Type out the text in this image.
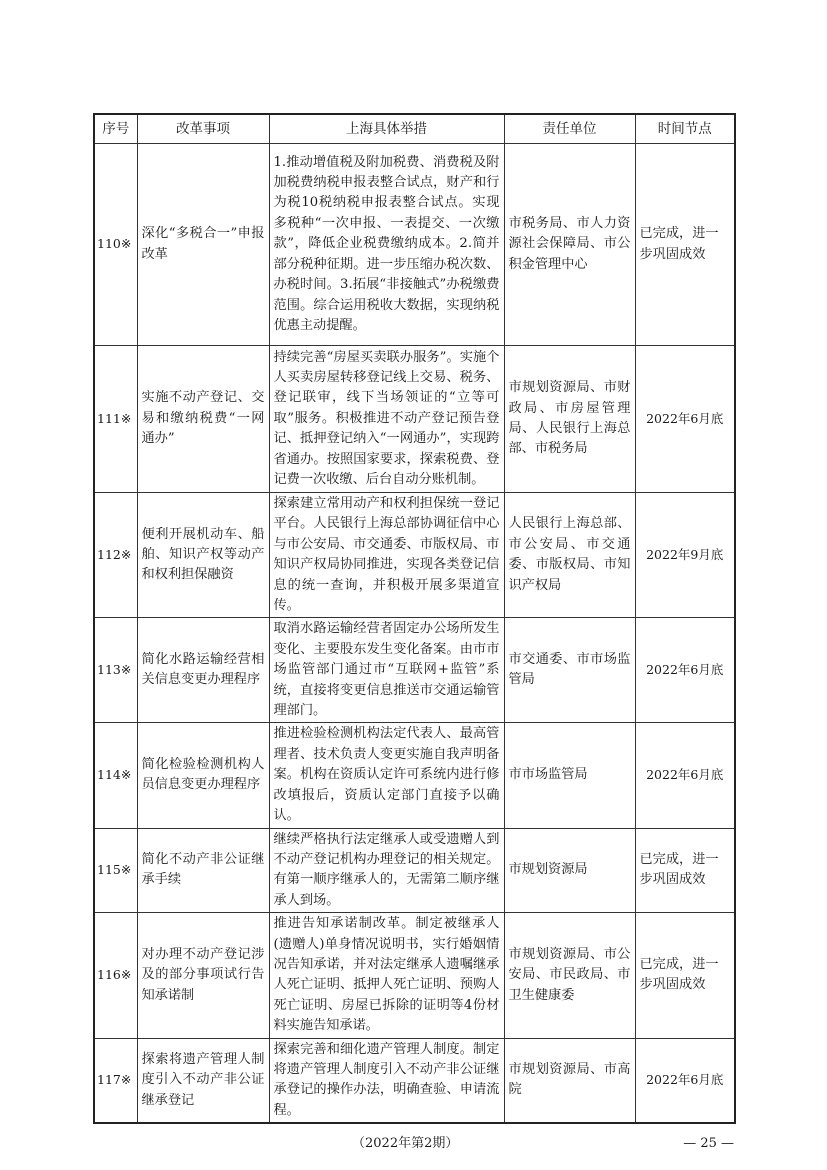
序号	改革事项	上海具体举措	责任单位	时间节点
110※	深化“多税合一”申报改革	1.推动增值税及附加税费、消费税及附加税费纳税申报表整合试点，财产和行为税10税纳税申报表整合试点。实现多税种“一次申报、一表提交、一次缴款”，降低企业税费缴纳成本。2.简并部分税种征期。进一步压缩办税次数、办税时间。3.拓展“非接触式”办税缴费范围。综合运用税收大数据，实现纳税优惠主动提醒。	市税务局、市人力资源社会保障局、市公积金管理中心	已完成，进一步巩固成效
111※	实施不动产登记、交易和缴纳税费“一网通办”	持续完善“房屋买卖联办服务”。实施个人买卖房屋转移登记线上交易、税务、登记联审，线下当场领证的“立等可取”服务。积极推进不动产登记预告登记、抵押登记纳入“一网通办”，实现跨省通办。按照国家要求，探索税费、登记费一次收缴、后台自动分账机制。	市规划资源局、市财政局、市房屋管理局、人民银行上海总部、市税务局	2022年6月底
112※	便利开展机动车、船舶、知识产权等动产和权利担保融资	探索建立常用动产和权利担保统一登记平台。人民银行上海总部协调征信中心与市公安局、市交通委、市版权局、市知识产权局协同推进，实现各类登记信息的统一查询，并积极开展多渠道宣传。	人民银行上海总部、市公安局、市交通委、市版权局、市知识产权局	2022年9月底
113※	简化水路运输经营相关信息变更办理程序	取消水路运输经营者固定办公场所发生变化、主要股东发生变化备案。由市市场监管部门通过市“互联网+监管”系统，直接将变更信息推送市交通运输管理部门。	市交通委、市市场监管局	2022年6月底
114※	简化检验检测机构人员信息变更办理程序	推进检验检测机构法定代表人、最高管理者、技术负责人变更实施自我声明备案。机构在资质认定许可系统内进行修改填报后，资质认定部门直接予以确认。	市市场监管局	2022年6月底
115※	简化不动产非公证继承手续	继续严格执行法定继承人或受遗赠人到不动产登记机构办理登记的相关规定。有第一顺序继承人的，无需第二顺序继承人到场。	市规划资源局	已完成，进一步巩固成效
116※	对办理不动产登记涉及的部分事项试行告知承诺制	推进告知承诺制改革。制定被继承人(遗赠人)单身情况说明书，实行婚姻情况告知承诺，并对法定继承人遗嘱继承人死亡证明、抵押人死亡证明、预购人死亡证明、房屋已拆除的证明等4份材料实施告知承诺。	市规划资源局、市公安局、市民政局、市卫生健康委	已完成，进一步巩固成效
117※	探索将遗产管理人制度引入不动产非公证继承登记	探索完善和细化遗产管理人制度。制定将遗产管理人制度引入不动产非公证继承登记的操作办法，明确查验、申请流程。	市规划资源局、市高院	2022年6月底
（2022年第2期）	— 25 —
